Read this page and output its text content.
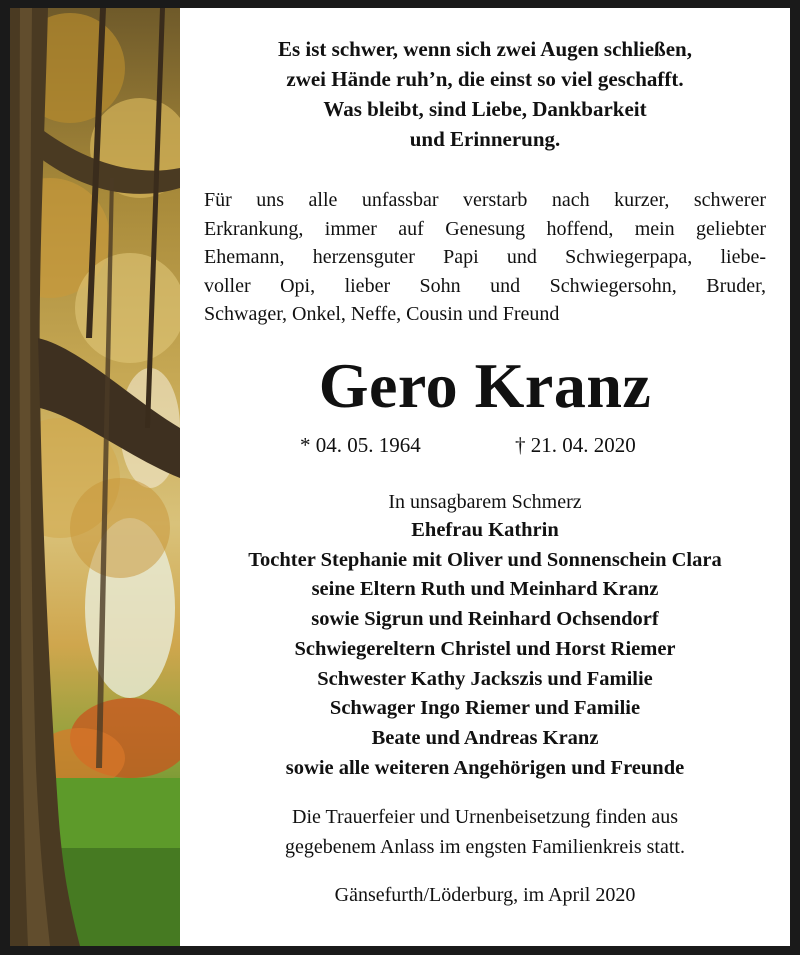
Es ist schwer, wenn sich zwei Augen schließen,
zwei Hände ruh’n, die einst so viel geschafft.
Was bleibt, sind Liebe, Dankbarkeit
und Erinnerung.
Für uns alle unfassbar verstarb nach kurzer, schwerer
Erkrankung, immer auf Genesung hoffend, mein geliebter
Ehemann, herzensguter Papi und Schwiegerpapa, liebe-
voller Opi, lieber Sohn und Schwiegersohn, Bruder,
Schwager, Onkel, Neffe, Cousin und Freund
Gero Kranz
* 04. 05. 1964	† 21. 04. 2020
In unsagbarem Schmerz
Ehefrau Kathrin
Tochter Stephanie mit Oliver und Sonnenschein Clara
seine Eltern Ruth und Meinhard Kranz
sowie Sigrun und Reinhard Ochsendorf
Schwiegereltern Christel und Horst Riemer
Schwester Kathy Jackszis und Familie
Schwager Ingo Riemer und Familie
Beate und Andreas Kranz
sowie alle weiteren Angehörigen und Freunde
Die Trauerfeier und Urnenbeisetzung finden aus
gegebenem Anlass im engsten Familienkreis statt.
Gänsefurth/Löderburg, im April 2020
